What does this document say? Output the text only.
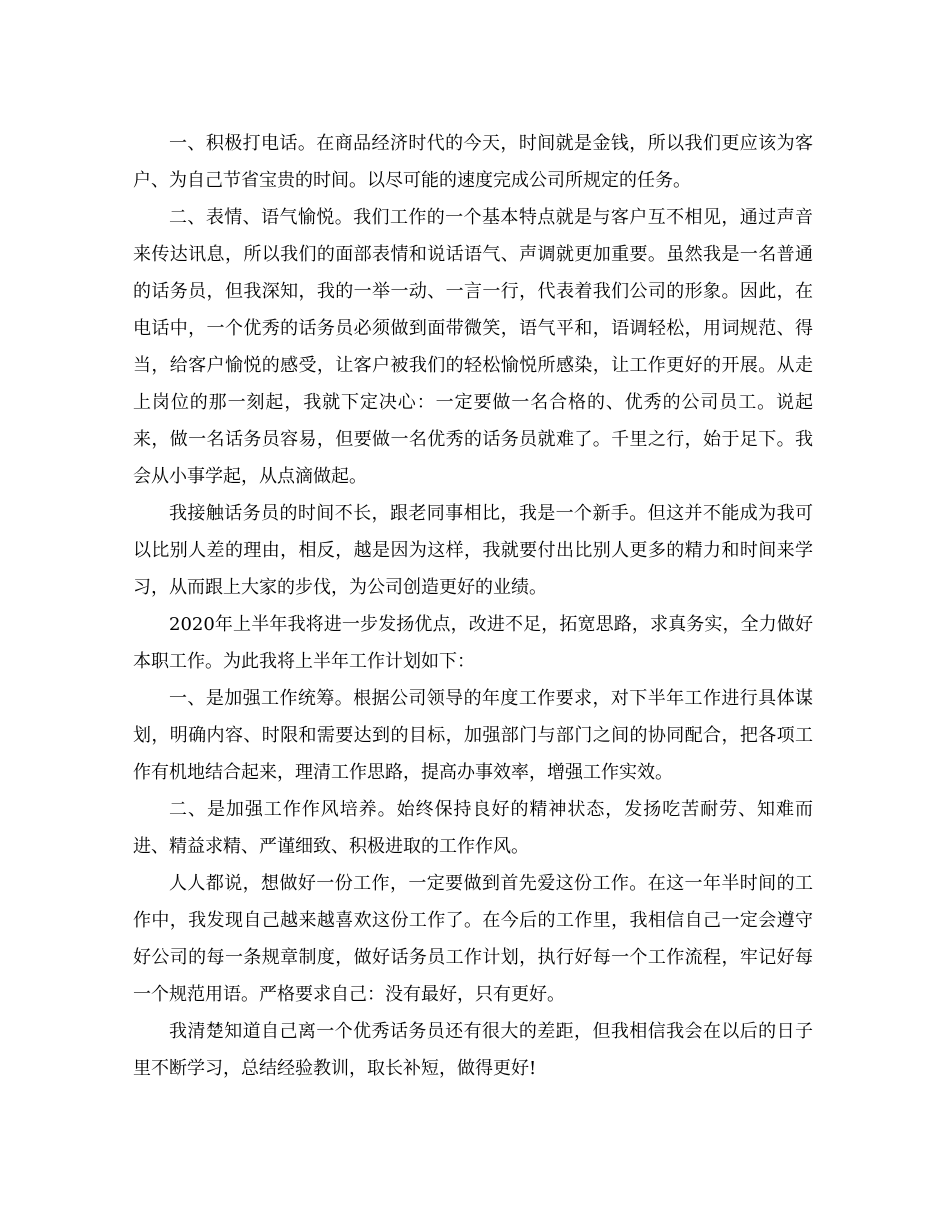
一、积极打电话。在商品经济时代的今天，时间就是金钱，所以我们更应该为客户、为自己节省宝贵的时间。以尽可能的速度完成公司所规定的任务。

二、表情、语气愉悦。我们工作的一个基本特点就是与客户互不相见，通过声音来传达讯息，所以我们的面部表情和说话语气、声调就更加重要。虽然我是一名普通的话务员，但我深知，我的一举一动、一言一行，代表着我们公司的形象。因此，在电话中，一个优秀的话务员必须做到面带微笑，语气平和，语调轻松，用词规范、得当，给客户愉悦的感受，让客户被我们的轻松愉悦所感染，让工作更好的开展。从走上岗位的那一刻起，我就下定决心：一定要做一名合格的、优秀的公司员工。说起来，做一名话务员容易，但要做一名优秀的话务员就难了。千里之行，始于足下。我会从小事学起，从点滴做起。

我接触话务员的时间不长，跟老同事相比，我是一个新手。但这并不能成为我可以比别人差的理由，相反，越是因为这样，我就要付出比别人更多的精力和时间来学习，从而跟上大家的步伐，为公司创造更好的业绩。

2020年上半年我将进一步发扬优点，改进不足，拓宽思路，求真务实，全力做好本职工作。为此我将上半年工作计划如下：

一、是加强工作统筹。根据公司领导的年度工作要求，对下半年工作进行具体谋划，明确内容、时限和需要达到的目标，加强部门与部门之间的协同配合，把各项工作有机地结合起来，理清工作思路，提高办事效率，增强工作实效。

二、是加强工作作风培养。始终保持良好的精神状态，发扬吃苦耐劳、知难而进、精益求精、严谨细致、积极进取的工作作风。

人人都说，想做好一份工作，一定要做到首先爱这份工作。在这一年半时间的工作中，我发现自己越来越喜欢这份工作了。在今后的工作里，我相信自己一定会遵守好公司的每一条规章制度，做好话务员工作计划，执行好每一个工作流程，牢记好每一个规范用语。严格要求自己：没有最好，只有更好。

我清楚知道自己离一个优秀话务员还有很大的差距，但我相信我会在以后的日子里不断学习，总结经验教训，取长补短，做得更好!
